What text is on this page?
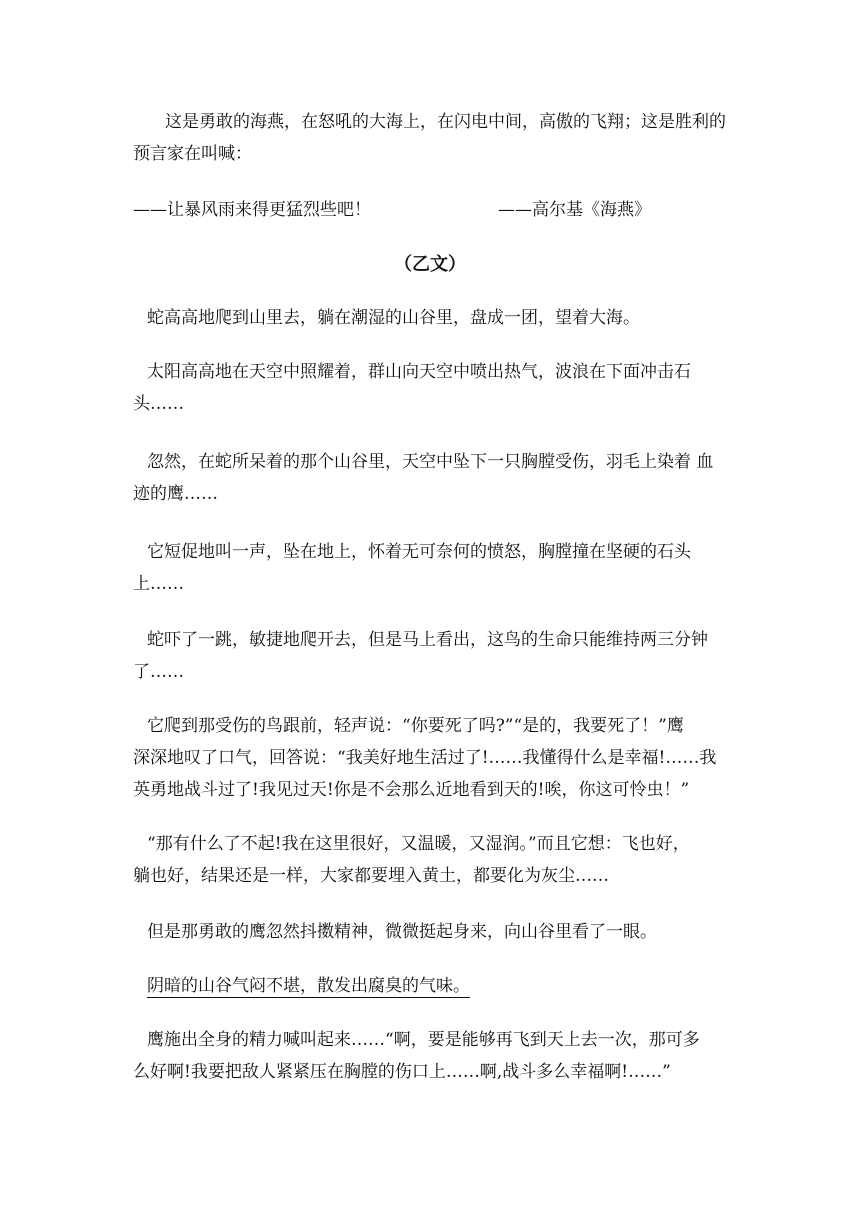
这是勇敢的海燕，在怒吼的大海上，在闪电中间，高傲的飞翔；这是胜利的
预言家在叫喊：
——让暴风雨来得更猛烈些吧！	——高尔基《海燕》
（乙文）
蛇高高地爬到山里去，躺在潮湿的山谷里，盘成一团，望着大海。
太阳高高地在天空中照耀着，群山向天空中喷出热气，波浪在下面冲击石
头……
忽然，在蛇所呆着的那个山谷里，天空中坠下一只胸膛受伤，羽毛上染着 血
迹的鹰……
它短促地叫一声，坠在地上，怀着无可奈何的愤怒，胸膛撞在坚硬的石头
上……
蛇吓了一跳，敏捷地爬开去，但是马上看出，这鸟的生命只能维持两三分钟
了……
它爬到那受伤的鸟跟前，轻声说：“你要死了吗?”“是的，我要死了！”鹰
深深地叹了口气，回答说：“我美好地生活过了!……我懂得什么是幸福!……我
英勇地战斗过了!我见过天!你是不会那么近地看到天的!唉，你这可怜虫！”
“那有什么了不起!我在这里很好，又温暖，又湿润。”而且它想：飞也好，
躺也好，结果还是一样，大家都要埋入黄土，都要化为灰尘……
但是那勇敢的鹰忽然抖擞精神，微微挺起身来，向山谷里看了一眼。
阴暗的山谷气闷不堪，散发出腐臭的气味。
鹰施出全身的精力喊叫起来……“啊，要是能够再飞到天上去一次，那可多
么好啊!我要把敌人紧紧压在胸膛的伤口上……啊,战斗多么幸福啊!……”
